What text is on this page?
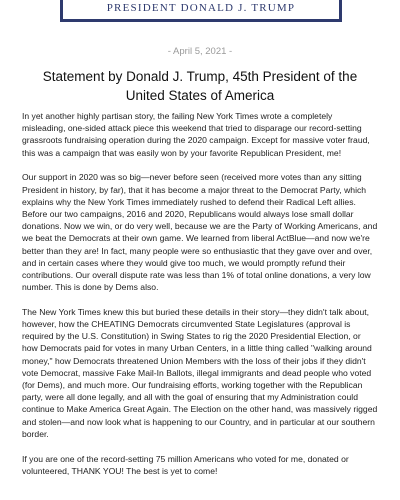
PRESIDENT DONALD J. TRUMP
- April 5, 2021 -
Statement by Donald J. Trump, 45th President of the United States of America

In yet another highly partisan story, the failing New York Times wrote a completely misleading, one-sided attack piece this weekend that tried to disparage our record-setting grassroots fundraising operation during the 2020 campaign. Except for massive voter fraud, this was a campaign that was easily won by your favorite Republican President, me!

Our support in 2020 was so big—never before seen (received more votes than any sitting President in history, by far), that it has become a major threat to the Democrat Party, which explains why the New York Times immediately rushed to defend their Radical Left allies. Before our two campaigns, 2016 and 2020, Republicans would always lose small dollar donations. Now we win, or do very well, because we are the Party of Working Americans, and we beat the Democrats at their own game. We learned from liberal ActBlue—and now we're better than they are! In fact, many people were so enthusiastic that they gave over and over, and in certain cases where they would give too much, we would promptly refund their contributions. Our overall dispute rate was less than 1% of total online donations, a very low number. This is done by Dems also.

The New York Times knew this but buried these details in their story—they didn't talk about, however, how the CHEATING Democrats circumvented State Legislatures (approval is required by the U.S. Constitution) in Swing States to rig the 2020 Presidential Election, or how Democrats paid for votes in many Urban Centers, in a little thing called "walking around money," how Democrats threatened Union Members with the loss of their jobs if they didn't vote Democrat, massive Fake Mail-In Ballots, illegal immigrants and dead people who voted (for Dems), and much more. Our fundraising efforts, working together with the Republican party, were all done legally, and all with the goal of ensuring that my Administration could continue to Make America Great Again. The Election on the other hand, was massively rigged and stolen—and now look what is happening to our Country, and in particular at our southern border.

If you are one of the record-setting 75 million Americans who voted for me, donated or volunteered, THANK YOU! The best is yet to come!
